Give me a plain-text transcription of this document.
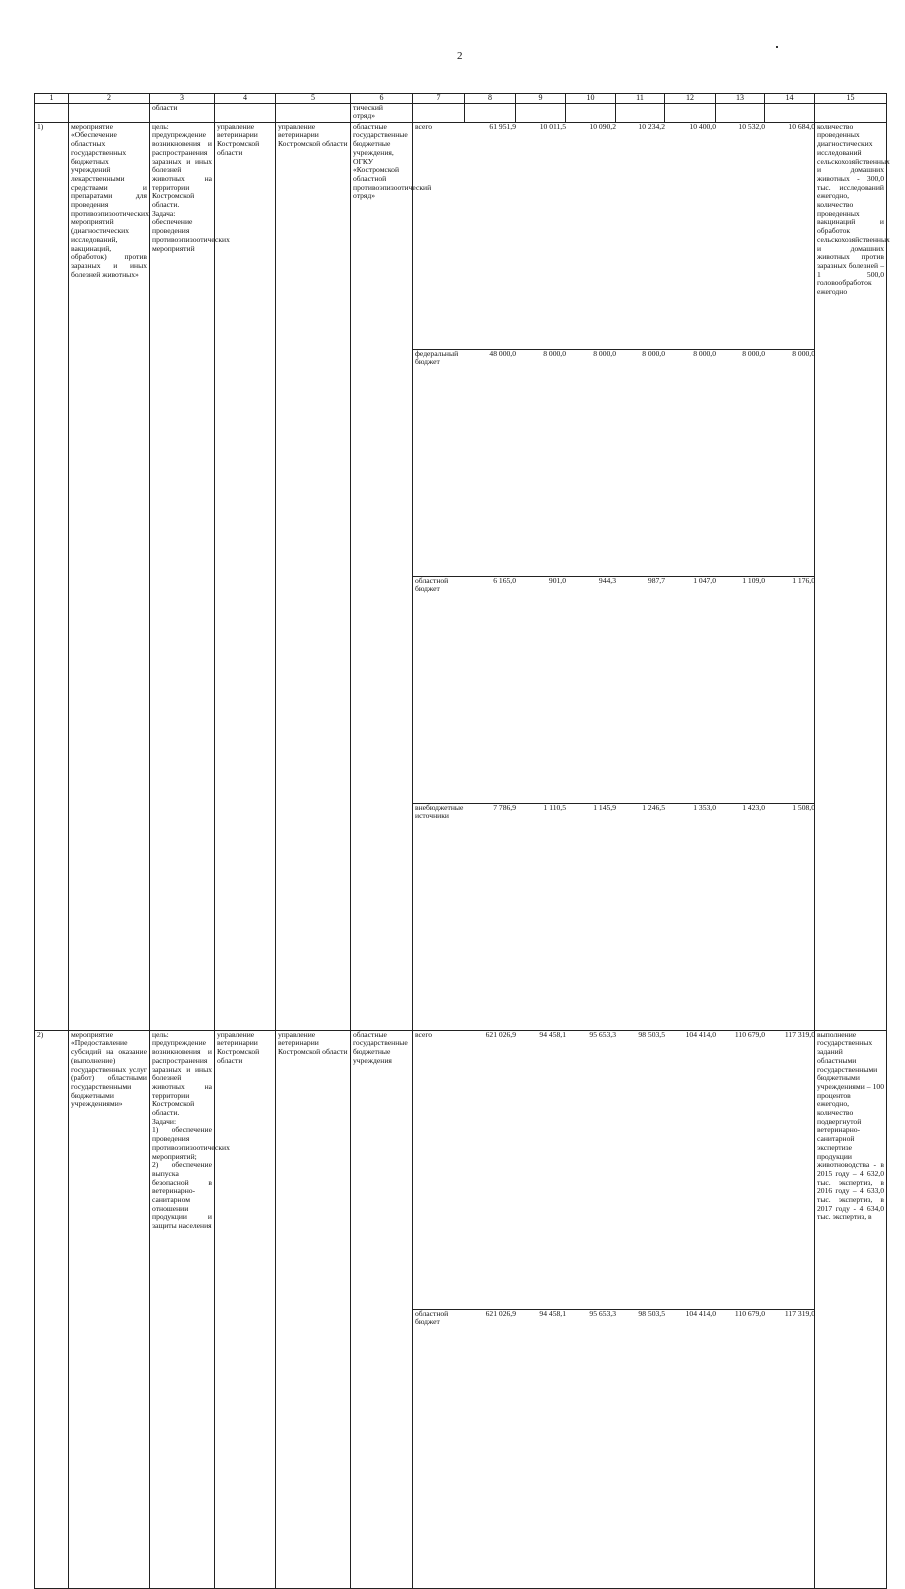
2
1	2	3	4	5	6	7	8	9	10	11	12	13	14	15
		области			тический
отряд»									
1)	мероприятие «Обеспечение областных государственных бюджетных учреждений лекарственными средствами и препаратами для проведения противоэпизоотических мероприятий (диагностических исследований, вакцинаций, обработок) против заразных и иных болезней животных»	цель: предупреждение возникновения и распространения заразных и иных болезней животных на территории Костромской области.
Задача:
обеспечение проведения противоэпизоотических мероприятий	управление ветеринарии Костромской области	управление ветеринарии Костромской области	областные государственные бюджетные учреждения, ОГКУ «Костромской областной противоэпизоотический отряд»	
всего	61 951,9	10 011,5	10 090,2	10 234,2	10 400,0	10 532,0	10 684,0
федеральный бюджет	48 000,0	8 000,0	8 000,0	8 000,0	8 000,0	8 000,0	8 000,0
областной бюджет	6 165,0	901,0	944,3	987,7	1 047,0	1 109,0	1 176,0
внебюджетные источники	7 786,9	1 110,5	1 145,9	1 246,5	1 353,0	1 423,0	1 508,0
	количество проведенных диагностических исследований сельскохозяйственных и домашних животных - 300,0 тыс. исследований ежегодно, количество проведенных вакцинаций и обработок сельскохозяйственных и домашних животных против заразных болезней – 1 500,0 головообработок ежегодно
2)	мероприятие «Предоставление субсидий на оказание (выполнение) государственных услуг (работ) областными государственными бюджетными учреждениями»	цель: предупреждение возникновения и распространения заразных и иных болезней животных на территории Костромской области.
Задачи:
1) обеспечение проведения противоэпизоотических мероприятий;
2) обеспечение выпуска безопасной в ветеринарно-санитарном отношении продукции и защиты населения	управление ветеринарии Костромской области	управление ветеринарии Костромской области	областные государственные бюджетные учреждения	
всего	621 026,9	94 458,1	95 653,3	98 503,5	104 414,0	110 679,0	117 319,0
областной бюджет	621 026,9	94 458,1	95 653,3	98 503,5	104 414,0	110 679,0	117 319,0
	выполнение государственных заданий областными государственными бюджетными учреждениями – 100 процентов ежегодно, количество подвергнутой ветеринарно-санитарной экспертизе продукции животноводства - в 2015 году – 4 632,0 тыс. экспертиз, в 2016 году – 4 633,0 тыс. экспертиз, в 2017 году - 4 634,0 тыс. экспертиз, в
